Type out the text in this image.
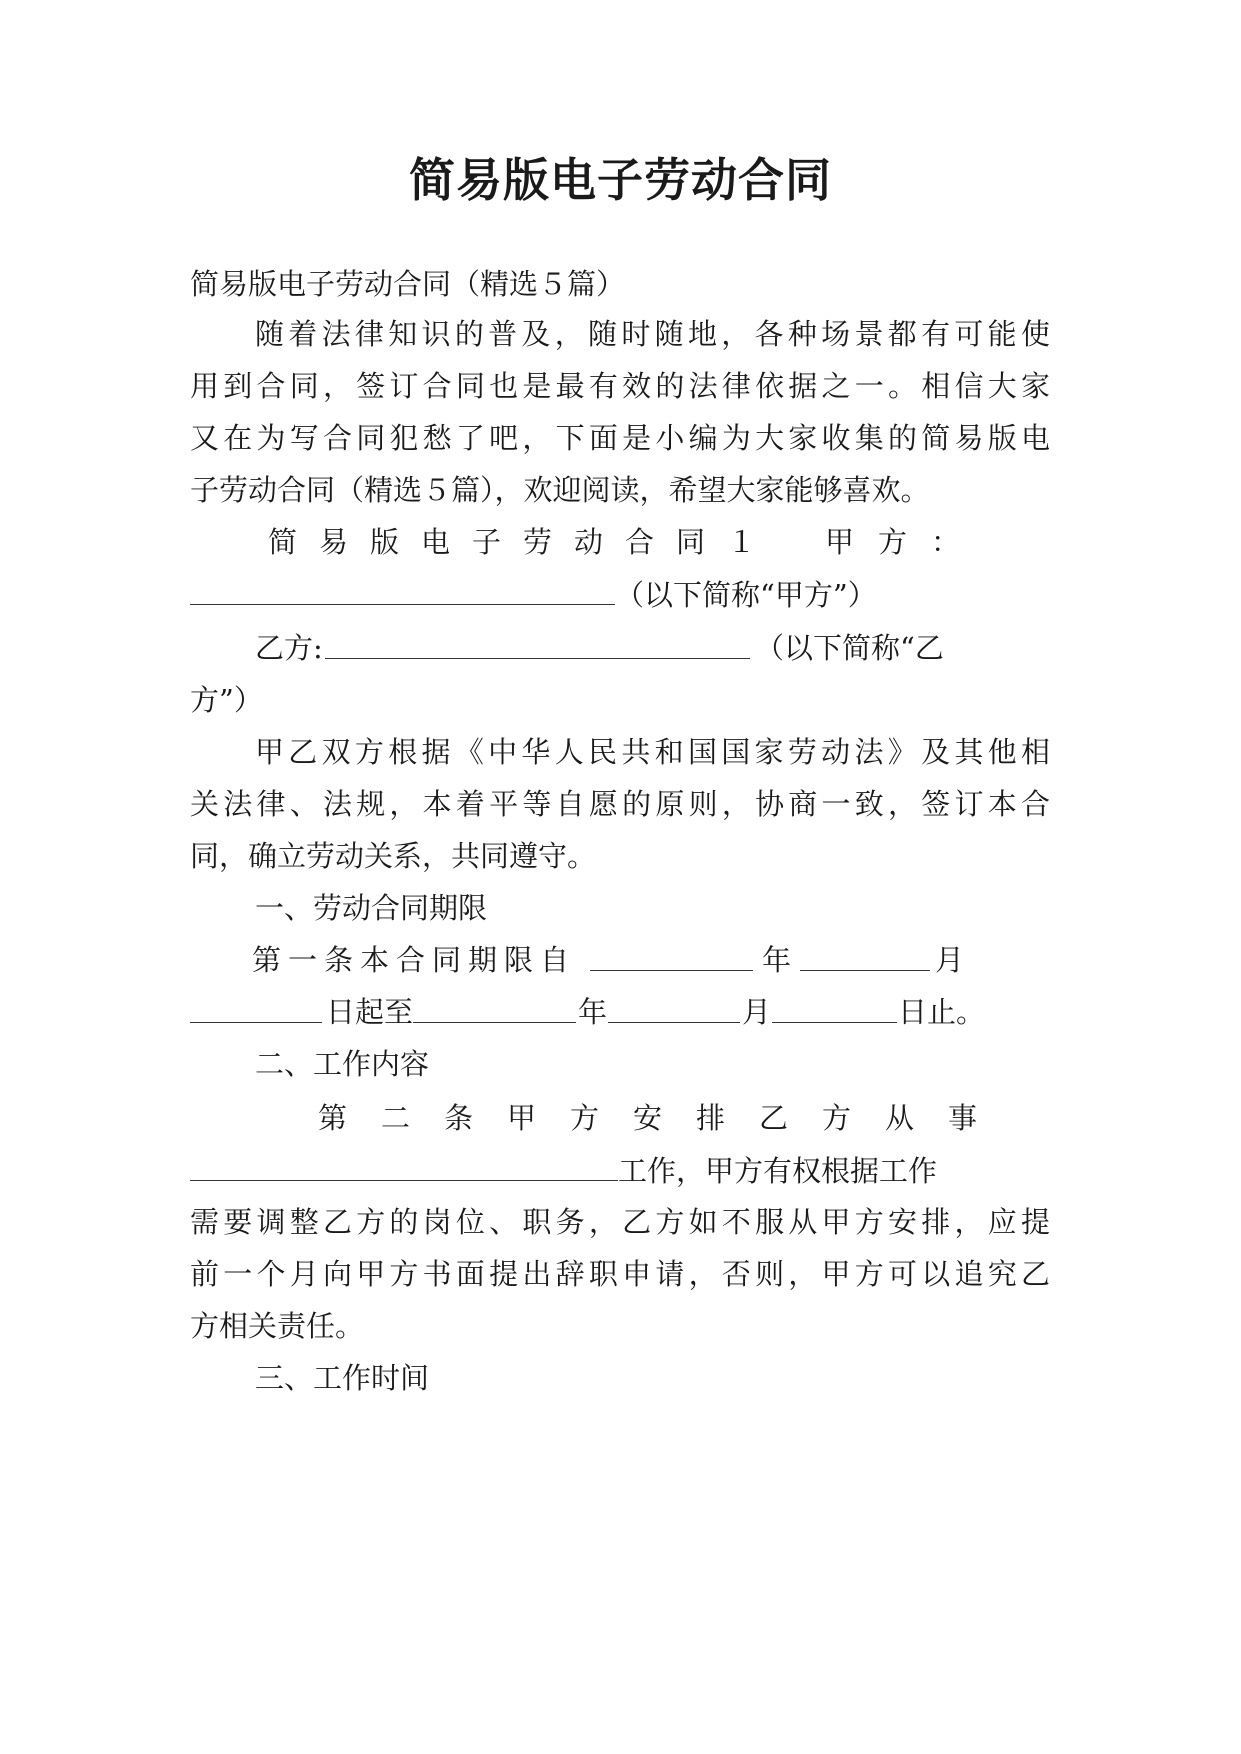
简易版电子劳动合同

简易版电子劳动合同（精选５篇）

随着法律知识的普及，随时随地，各种场景都有可能使

用到合同，签订合同也是最有效的法律依据之一。相信大家

又在为写合同犯愁了吧，下面是小编为大家收集的简易版电

子劳动合同（精选５篇），欢迎阅读，希望大家能够喜欢。

简易版电子劳动合同１ 甲方：

（以下简称“甲方”）

乙方:	（以下简称“乙

方”）

甲乙双方根据《中华人民共和国国家劳动法》及其他相

关法律、法规，本着平等自愿的原则，协商一致，签订本合

同，确立劳动关系，共同遵守。

一、劳动合同期限

第一条本合同期限自	年	月

日起至	年	月	日止。

二、工作内容

第二条甲方安排乙方从事

工作，甲方有权根据工作

需要调整乙方的岗位、职务，乙方如不服从甲方安排，应提

前一个月向甲方书面提出辞职申请，否则，甲方可以追究乙

方相关责任。

三、工作时间
